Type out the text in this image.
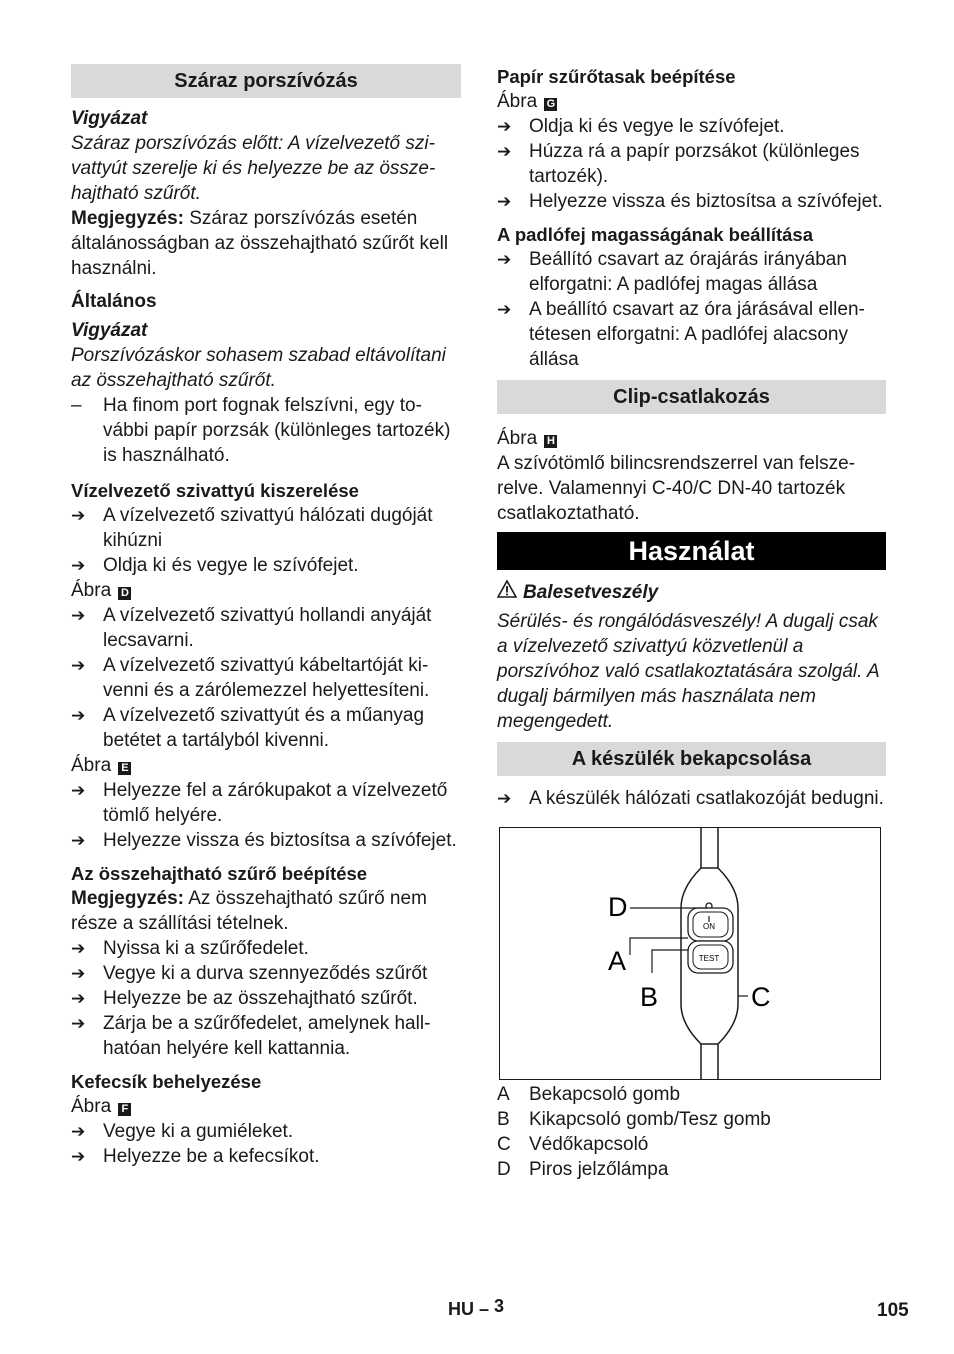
Száraz porszívózás

Vigyázat

Száraz porszívózás előtt: A vízelvezető szivattyút szerelje ki és helyezze be az összehajtható szűrőt.

Megjegyzés: Száraz porszívózás esetén általánosságban az összehajtható szűrőt kell használni.

Általános

Vigyázat

Porszívózáskor sohasem szabad eltávolítani az összehajtható szűrőt.

–	Ha finom port fognak felszívni, egy további papír porzsák (különleges tartozék) is használható.

Vízelvezető szivattyú kiszerelése

➔ A vízelvezető szivattyú hálózati dugóját kihúzni
➔ Oldja ki és vegye le szívófejet.

Ábra D

➔ A vízelvezető szivattyú hollandi anyáját lecsavarni.
➔ A vízelvezető szivattyú kábeltartóját kivenni és a zárólemezzel helyettesíteni.
➔ A vízelvezető szivattyút és a műanyag betétet a tartályból kivenni.

Ábra E

➔ Helyezze fel a zárókupakot a vízelvezető tömlő helyére.
➔ Helyezze vissza és biztosítsa a szívófejet.

Az összehajtható szűrő beépítése

Megjegyzés: Az összehajtható szűrő nem része a szállítási tételnek.

➔ Nyissa ki a szűrőfedelet.
➔ Vegye ki a durva szennyeződés szűrőt
➔ Helyezze be az összehajtható szűrőt.
➔ Zárja be a szűrőfedelet, amelynek hallhatóan helyére kell kattannia.

Kefecsík behelyezése

Ábra F

➔ Vegye ki a gumiéleket.
➔ Helyezze be a kefecsíkot.

Papír szűrőtasak beépítése

Ábra G

➔ Oldja ki és vegye le szívófejet.
➔ Húzza rá a papír porzsákot (különleges tartozék).
➔ Helyezze vissza és biztosítsa a szívófejet.

A padlófej magasságának beállítása

➔ Beállító csavart az órajárás irányában elforgatni: A padlófej magas állása
➔ A beállító csavart az óra járásával ellentétesen elforgatni: A padlófej alacsony állása
Clip-csatlakozás

Ábra H

A szívótömlő bilincsrendszerrel van felszerelve. Valamennyi C-40/C DN-40 tartozék csatlakoztatható.

Használat

Balesetveszély

Sérülés- és rongálódásveszély! A dugalj csak a vízelvezető szivattyú közvetlenül a porszívóhoz való csatlakoztatására szolgál. A dugalj bármilyen más használata nem megengedett.

A készülék bekapcsolása
➔ A készülék hálózati csatlakozóját bedugni.
ON
TEST
D
A
B	C
A Bekapcsoló gomb
B Kikapcsoló gomb/Tesz gomb
C Védőkapcsoló
D Piros jelzőlámpa
HU – 3	105
